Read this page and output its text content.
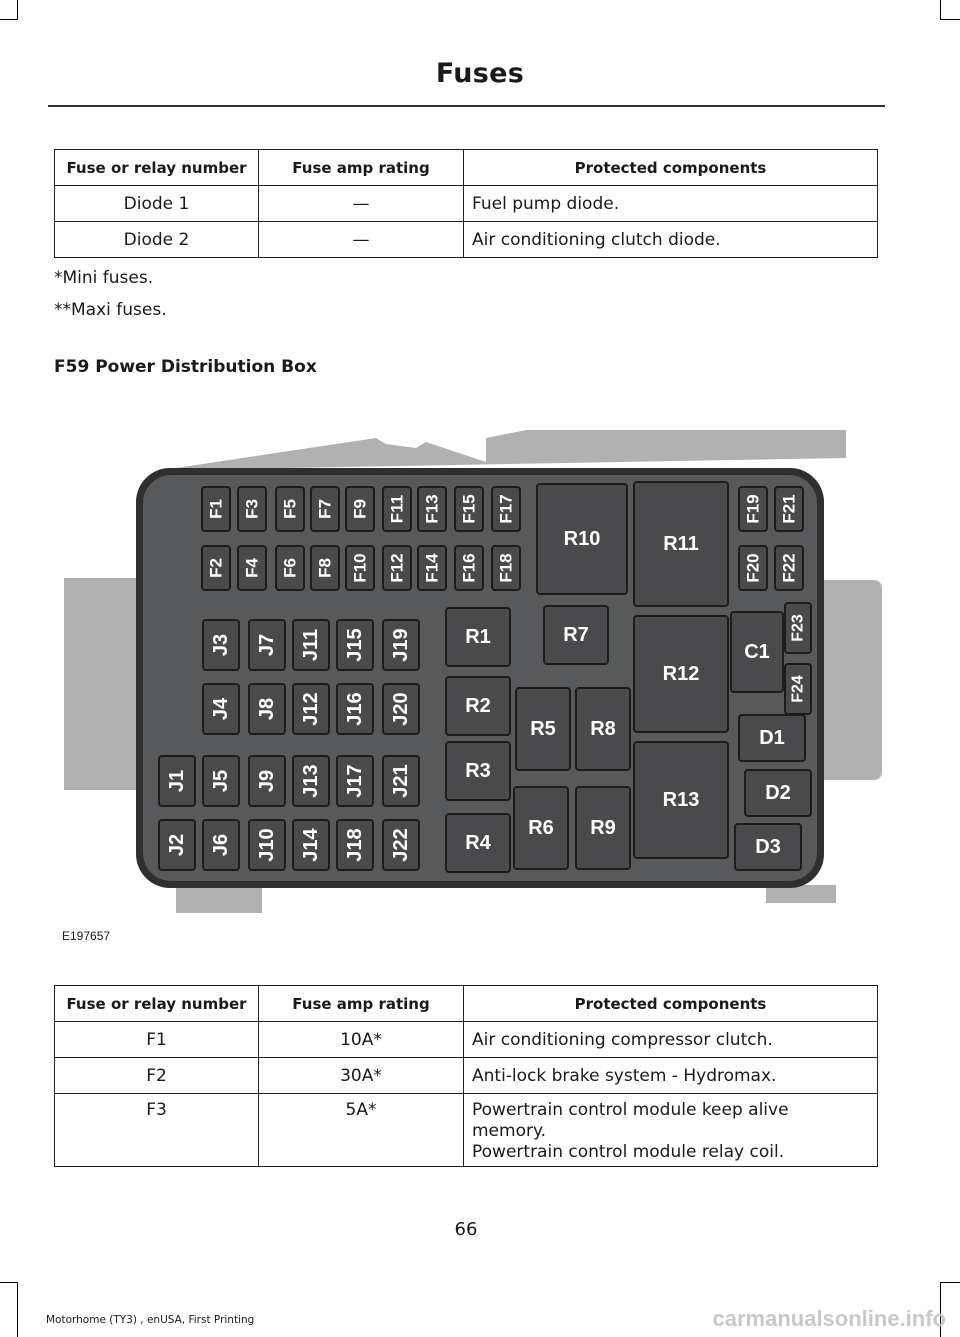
Fuses
Fuse or relay number	Fuse amp rating	Protected components
Diode 1	—	Fuel pump diode.
Diode 2	—	Air conditioning clutch diode.
*Mini fuses.
**Maxi fuses.
F59 Power Distribution Box
F1
F2
F3
F4
F5
F6
F7
F8
F9
F10
F11
F12
F13
F14
F15
F16
F17
F18
F19
F20
F21
F22
F23
F24
J3 J7 J11 J15 J19
J4 J8 J12 J16 J20
J1 J5 J9 J13 J17 J21
J2 J6 J10 J14 J18 J22
R1
R2
R3
R4
R5
R6
R7
R8
R9
R10	R11
R12
R13
C1
D1
D2
D3
E197657
Fuse or relay number	Fuse amp rating	Protected components
F1	10A*	Air conditioning compressor clutch.
F2	30A*	Anti-lock brake system - Hydromax.
F3	5A*	Powertrain control module keep alive
memory.
Powertrain control module relay coil.
66
Motorhome (TY3) , enUSA, First Printing	carmanualsonline.info
